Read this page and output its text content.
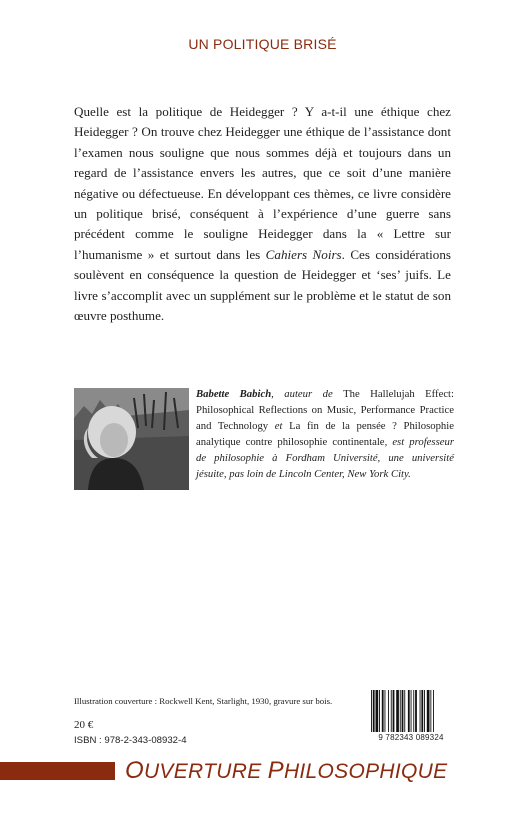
UN POLITIQUE BRISÉ

Quelle est la politique de Heidegger ? Y a-t-il une éthique chez Heidegger ? On trouve chez Heidegger une éthique de l’assistance dont l’examen nous souligne que nous sommes déjà et toujours dans un regard de l’assistance envers les autres, que ce soit d’une manière négative ou défectueuse. En développant ces thèmes, ce livre considère un politique brisé, conséquent à l’expérience d’une guerre sans précédent comme le souligne Heidegger dans la « Lettre sur l’humanisme » et surtout dans les Cahiers Noirs. Ces considérations soulèvent en conséquence la question de Heidegger et ‘ses’ juifs. Le livre s’accomplit avec un supplément sur le problème et le statut de son œuvre posthume.

Babette Babich, auteur de The Hallelujah Effect: Philosophical Reflections on Music, Performance Practice and Technology et La fin de la pensée ? Philosophie analytique contre philosophie continentale, est professeur de philosophie à Fordham Université, une université jésuite, pas loin de Lincoln Center, New York City.

Illustration couverture : Rockwell Kent, Starlight, 1930, gravure sur bois.
20 €
ISBN : 978-2-343-08932-4	9 782343 089324
OUVERTURE PHILOSOPHIQUE
